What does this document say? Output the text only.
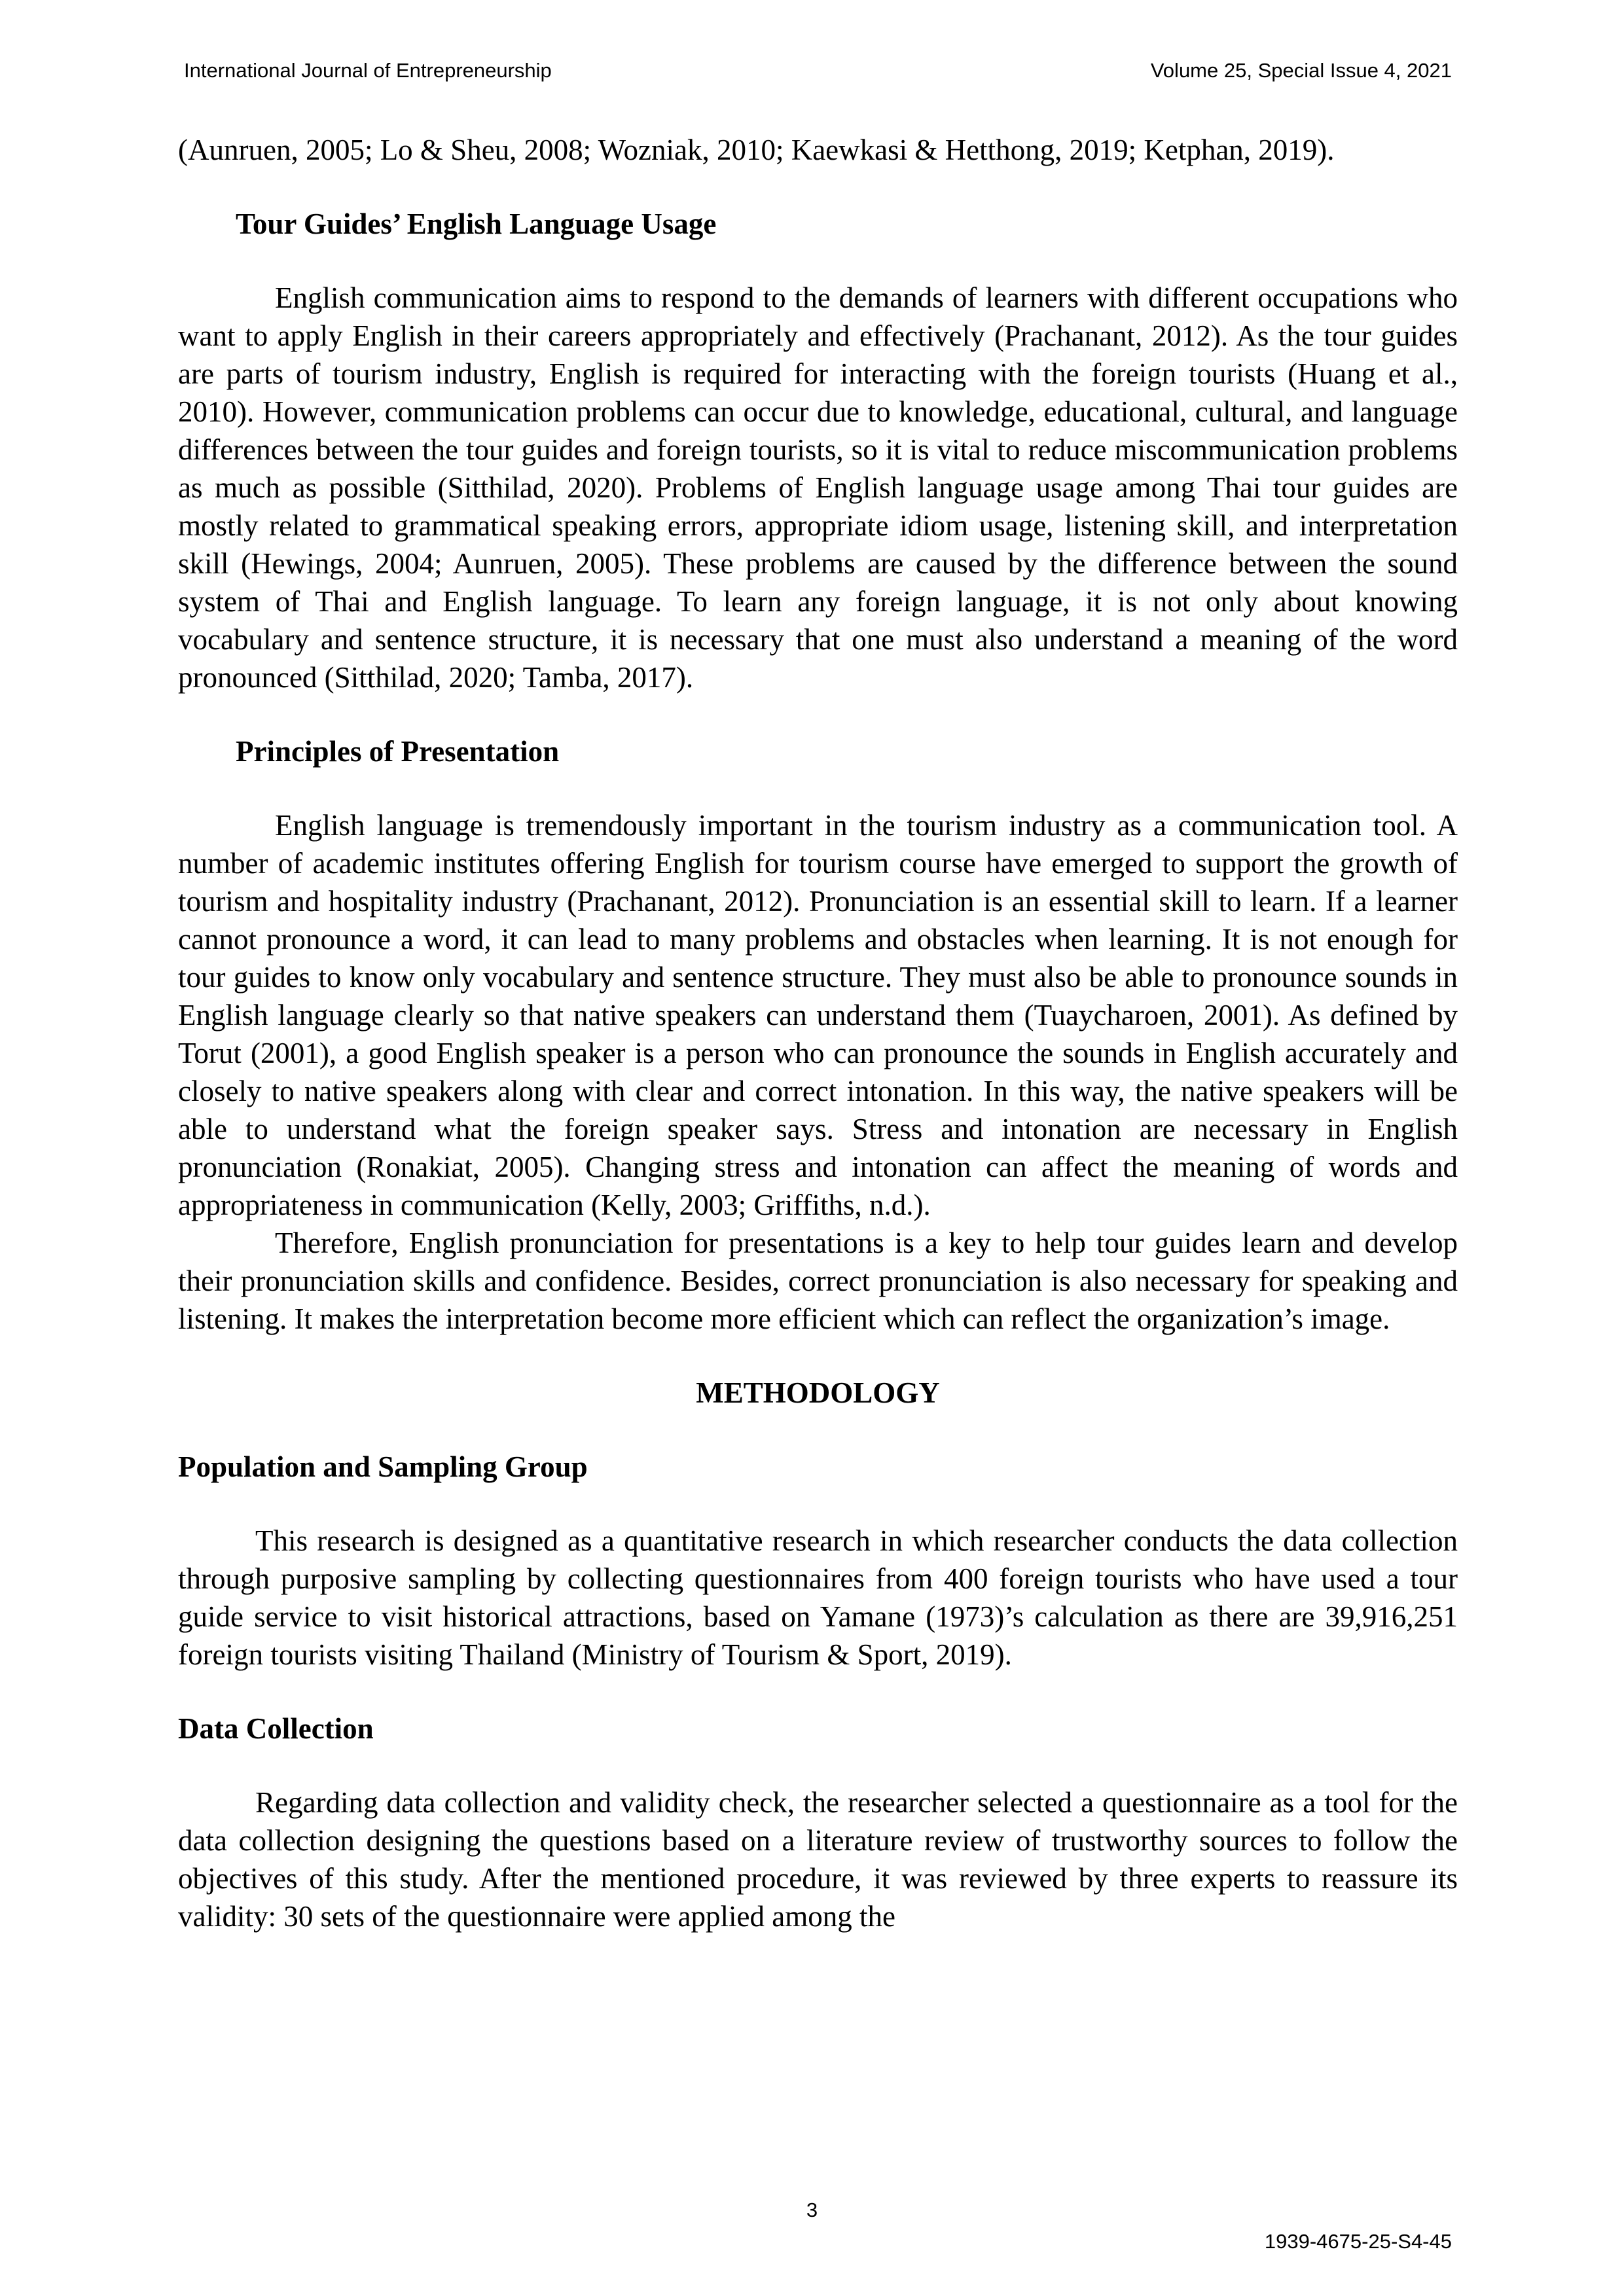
International Journal of Entrepreneurship	Volume 25, Special Issue 4, 2021

(Aunruen, 2005; Lo & Sheu, 2008; Wozniak, 2010; Kaewkasi & Hetthong, 2019; Ketphan, 2019).

Tour Guides’ English Language Usage

English communication aims to respond to the demands of learners with different occupations who want to apply English in their careers appropriately and effectively (Prachanant, 2012). As the tour guides are parts of tourism industry, English is required for interacting with the foreign tourists (Huang et al., 2010). However, communication problems can occur due to knowledge, educational, cultural, and language differences between the tour guides and foreign tourists, so it is vital to reduce miscommunication problems as much as possible (Sitthilad, 2020). Problems of English language usage among Thai tour guides are mostly related to grammatical speaking errors, appropriate idiom usage, listening skill, and interpretation skill (Hewings, 2004; Aunruen, 2005). These problems are caused by the difference between the sound system of Thai and English language. To learn any foreign language, it is not only about knowing vocabulary and sentence structure, it is necessary that one must also understand a meaning of the word pronounced (Sitthilad, 2020; Tamba, 2017).

Principles of Presentation

English language is tremendously important in the tourism industry as a communication tool. A number of academic institutes offering English for tourism course have emerged to support the growth of tourism and hospitality industry (Prachanant, 2012). Pronunciation is an essential skill to learn. If a learner cannot pronounce a word, it can lead to many problems and obstacles when learning. It is not enough for tour guides to know only vocabulary and sentence structure. They must also be able to pronounce sounds in English language clearly so that native speakers can understand them (Tuaycharoen, 2001). As defined by Torut (2001), a good English speaker is a person who can pronounce the sounds in English accurately and closely to native speakers along with clear and correct intonation. In this way, the native speakers will be able to understand what the foreign speaker says. Stress and intonation are necessary in English pronunciation (Ronakiat, 2005). Changing stress and intonation can affect the meaning of words and appropriateness in communication (Kelly, 2003; Griffiths, n.d.).

Therefore, English pronunciation for presentations is a key to help tour guides learn and develop their pronunciation skills and confidence. Besides, correct pronunciation is also necessary for speaking and listening. It makes the interpretation become more efficient which can reflect the organization’s image.

METHODOLOGY

Population and Sampling Group

This research is designed as a quantitative research in which researcher conducts the data collection through purposive sampling by collecting questionnaires from 400 foreign tourists who have used a tour guide service to visit historical attractions, based on Yamane (1973)’s calculation as there are 39,916,251 foreign tourists visiting Thailand (Ministry of Tourism & Sport, 2019).

Data Collection

Regarding data collection and validity check, the researcher selected a questionnaire as a tool for the data collection designing the questions based on a literature review of trustworthy sources to follow the objectives of this study. After the mentioned procedure, it was reviewed by three experts to reassure its validity: 30 sets of the questionnaire were applied among the

3
1939-4675-25-S4-45
